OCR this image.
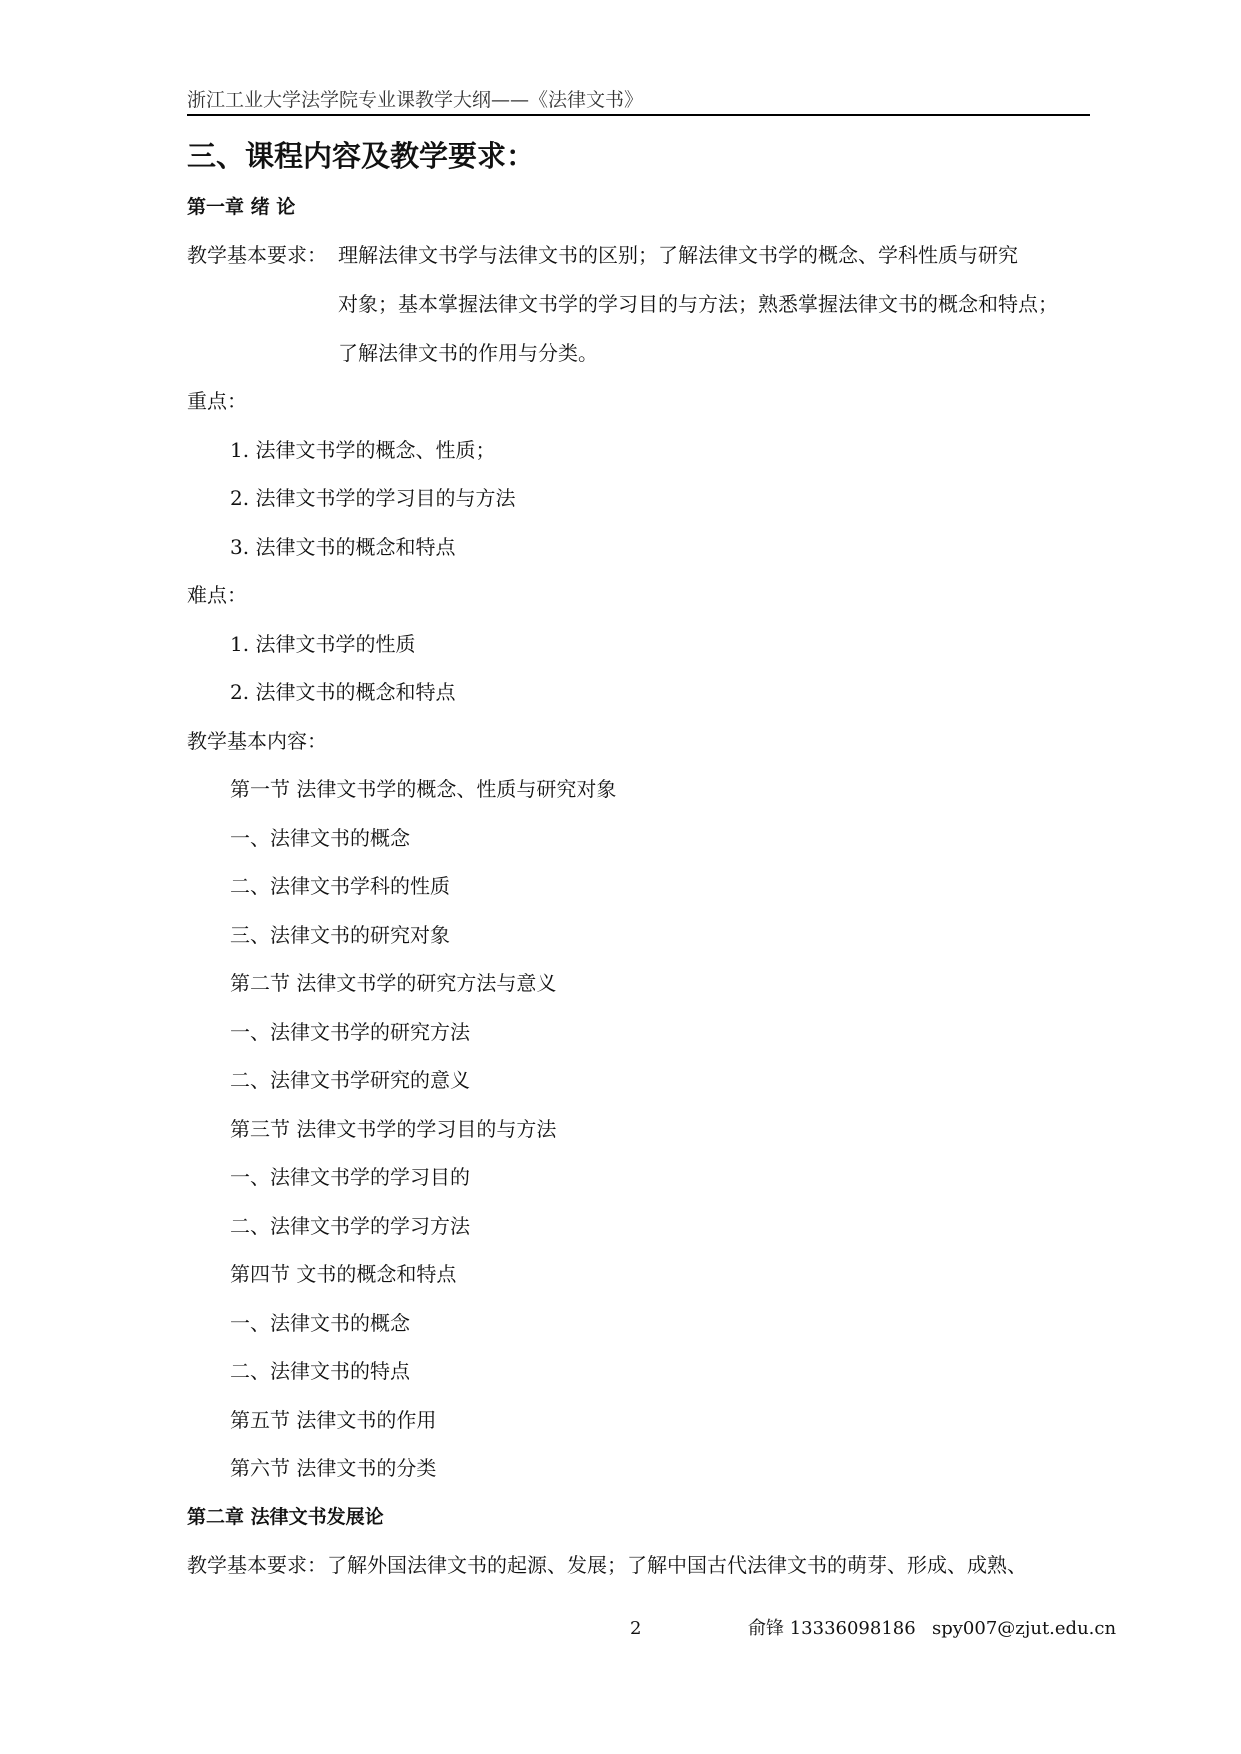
浙江工业大学法学院专业课教学大纲——《法律文书》
三、课程内容及教学要求：
第一章 绪 论
教学基本要求： 理解法律文书学与法律文书的区别；了解法律文书学的概念、学科性质与研究
对象；基本掌握法律文书学的学习目的与方法；熟悉掌握法律文书的概念和特点；
了解法律文书的作用与分类。
重点：
1. 法律文书学的概念、性质；
2. 法律文书学的学习目的与方法
3. 法律文书的概念和特点
难点：
1. 法律文书学的性质
2. 法律文书的概念和特点
教学基本内容：
第一节 法律文书学的概念、性质与研究对象
一、法律文书的概念
二、法律文书学科的性质
三、法律文书的研究对象
第二节 法律文书学的研究方法与意义
一、法律文书学的研究方法
二、法律文书学研究的意义
第三节 法律文书学的学习目的与方法
一、法律文书学的学习目的
二、法律文书学的学习方法
第四节 文书的概念和特点
一、法律文书的概念
二、法律文书的特点
第五节 法律文书的作用
第六节 法律文书的分类
第二章 法律文书发展论
教学基本要求：了解外国法律文书的起源、发展；了解中国古代法律文书的萌芽、形成、成熟、
2	俞锋 13336098186 spy007@zjut.edu.cn
